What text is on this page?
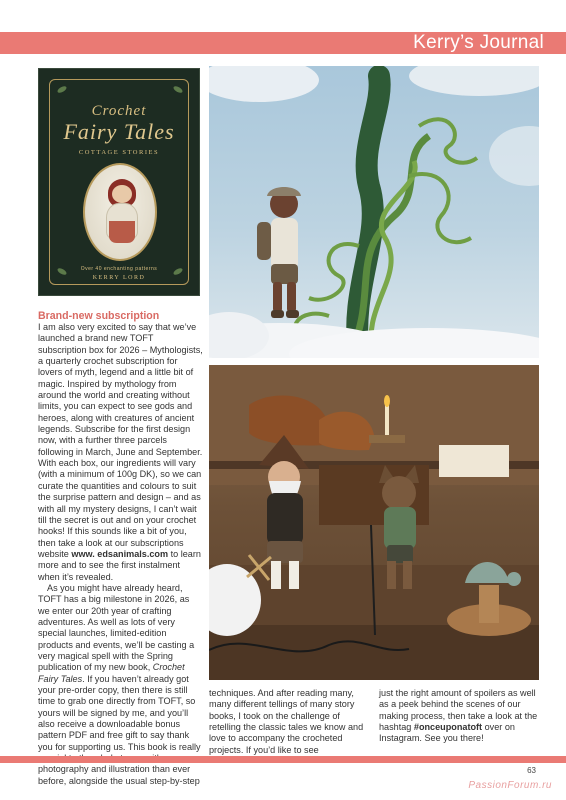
Kerry’s Journal
Crochet
Fairy Tales
COTTAGE STORIES
Over 40 enchanting patterns
KERRY LORD
Brand-new subscription

I am also very excited to say that we’ve launched a brand new TOFT subscription box for 2026 – Mythologists, a quarterly crochet subscription for lovers of myth, legend and a little bit of magic. Inspired by mythology from around the world and creating without limits, you can expect to see gods and heroes, along with creatures of ancient legends. Subscribe for the first design now, with a further three parcels following in March, June and September. With each box, our ingredients will vary (with a minimum of 100g DK), so we can curate the quantities and colours to suit the surprise pattern and design – and as with all my mystery designs, I can’t wait till the secret is out and on your crochet hooks! If this sounds like a bit of you, then take a look at our subscriptions website www. edsanimals.com to learn more and to see the first instalment when it’s revealed.

As you might have already heard, TOFT has a big milestone in 2026, as we enter our 20th year of crafting adventures. As well as lots of very special launches, limited-edition products and events, we’ll be casting a very magical spell with the Spring publication of my new book, Crochet Fairy Tales. If you haven’t already got your pre-order copy, then there is still time to grab one directly from TOFT, so yours will be signed by me, and you’ll also receive a downloadable bonus pattern PDF and free gift to say thank you for supporting us. This book is really photography and illustration than ever before, alongside the usual step-by-step

techniques. And after reading many, many different tellings of many story books, I took on the challenge of retelling the classic tales we know and love to accompany the crocheted projects. If you’d like to see
just the right amount of spoilers as well as a peek behind the scenes of our making process, then take a look at the hashtag #onceuponatoft over on Instagram. See you there!
63
PassionForum.ru
